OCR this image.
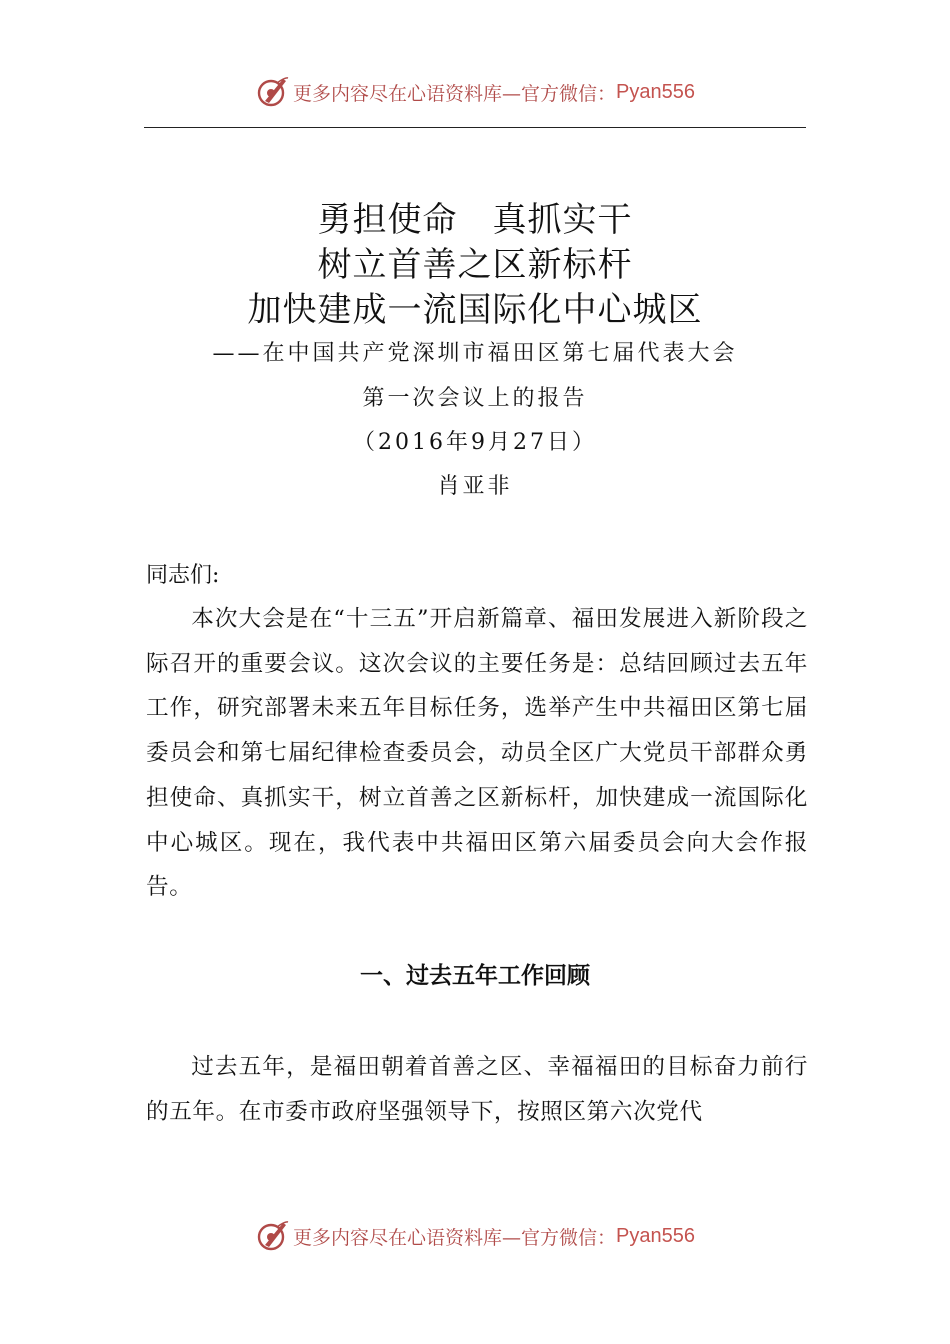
更多内容尽在心语资料库—官方微信： Pyan556
勇担使命　真抓实干
树立首善之区新标杆
加快建成一流国际化中心城区
——在中国共产党深圳市福田区第七届代表大会
第一次会议上的报告
（2016年9月27日）
肖亚非
同志们:

本次大会是在“十三五”开启新篇章、福田发展进入新阶段之际召开的重要会议。这次会议的主要任务是：总结回顾过去五年工作，研究部署未来五年目标任务，选举产生中共福田区第七届委员会和第七届纪律检查委员会，动员全区广大党员干部群众勇担使命、真抓实干，树立首善之区新标杆，加快建成一流国际化中心城区。现在，我代表中共福田区第六届委员会向大会作报告。

一、过去五年工作回顾

过去五年，是福田朝着首善之区、幸福福田的目标奋力前行的五年。在市委市政府坚强领导下，按照区第六次党代

更多内容尽在心语资料库—官方微信： Pyan556
